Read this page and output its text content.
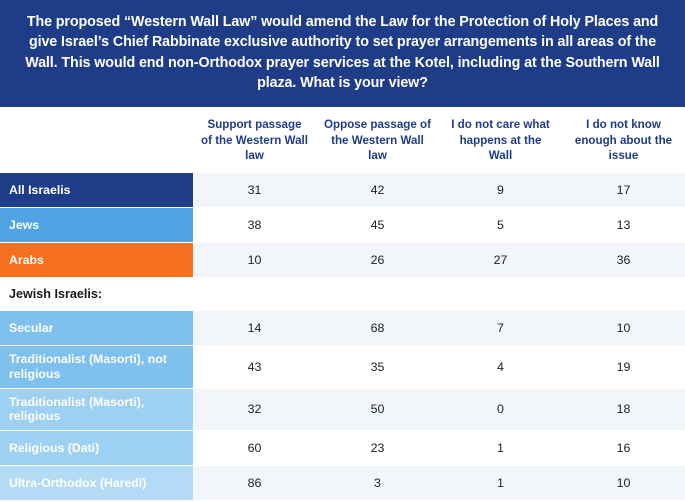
The proposed “Western Wall Law” would amend the Law for the Protection of Holy Places and give Israel’s Chief Rabbinate exclusive authority to set prayer arrangements in all areas of the Wall. This would end non-Orthodox prayer services at the Kotel, including at the Southern Wall plaza. What is your view?
	Support passage of the Western Wall law	Oppose passage of the Western Wall law	I do not care what happens at the Wall	I do not know enough about the issue
All Israelis	31	42	9	17
Jews	38	45	5	13
Arabs	10	26	27	36
Jewish Israelis:				
Secular	14	68	7	10
Traditionalist (Masorti), not religious	43	35	4	19
Traditionalist (Masorti), religious	32	50	0	18
Religious (Dati)	60	23	1	16
Ultra-Orthodox (Haredi)	86	3	1	10
